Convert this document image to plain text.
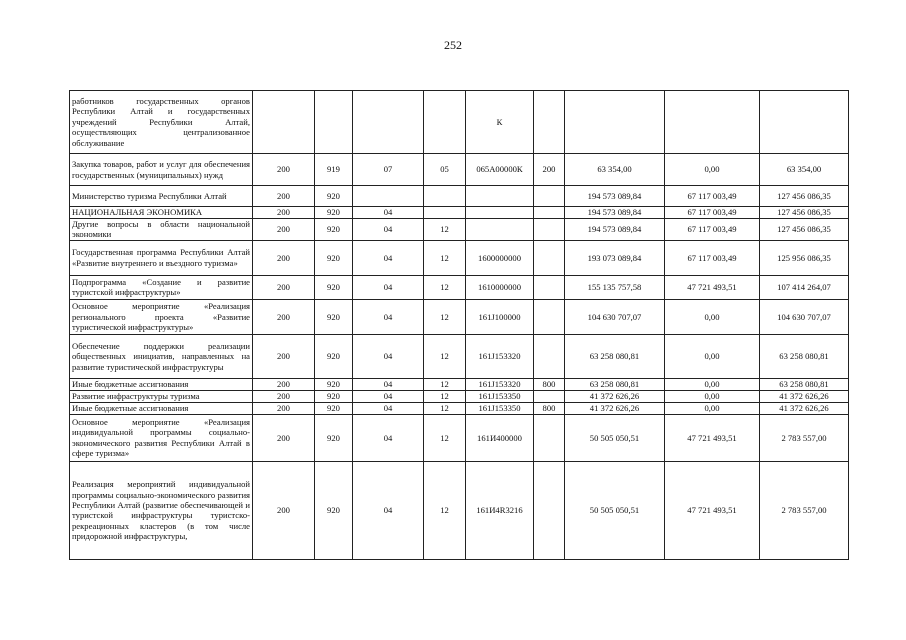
252
работников государственных органов Республики Алтай и государственных учреждений Республики Алтай, осуществляющих централизованное обслуживание					К				
Закупка товаров, работ и услуг для обеспечения государственных (муниципальных) нужд	200	919	07	05	065А00000К	200	63 354,00	0,00	63 354,00
Министерство туризма Республики Алтай	200	920					194 573 089,84	67 117 003,49	127 456 086,35
НАЦИОНАЛЬНАЯ ЭКОНОМИКА	200	920	04				194 573 089,84	67 117 003,49	127 456 086,35
Другие вопросы в области национальной экономики	200	920	04	12			194 573 089,84	67 117 003,49	127 456 086,35
Государственная программа Республики Алтай «Развитие внутреннего и въездного туризма»	200	920	04	12	1600000000		193 073 089,84	67 117 003,49	125 956 086,35
Подпрограмма «Создание и развитие туристской инфраструктуры»	200	920	04	12	1610000000		155 135 757,58	47 721 493,51	107 414 264,07
Основное мероприятие «Реализация регионального проекта «Развитие туристической инфраструктуры»	200	920	04	12	161J100000		104 630 707,07	0,00	104 630 707,07
Обеспечение поддержки реализации общественных инициатив, направленных на развитие туристической инфраструктуры	200	920	04	12	161J153320		63 258 080,81	0,00	63 258 080,81
Иные бюджетные ассигнования	200	920	04	12	161J153320	800	63 258 080,81	0,00	63 258 080,81
Развитие инфраструктуры туризма	200	920	04	12	161J153350		41 372 626,26	0,00	41 372 626,26
Иные бюджетные ассигнования	200	920	04	12	161J153350	800	41 372 626,26	0,00	41 372 626,26
Основное мероприятие «Реализация индивидуальной программы социально-экономического развития Республики Алтай в сфере туризма»	200	920	04	12	161И400000		50 505 050,51	47 721 493,51	2 783 557,00
Реализация мероприятий индивидуальной программы социально-экономического развития Республики Алтай (развитие обеспечивающей и туристской инфраструктуры туристско-рекреационных кластеров (в том числе придорожной инфраструктуры,	200	920	04	12	161И4R3216		50 505 050,51	47 721 493,51	2 783 557,00
